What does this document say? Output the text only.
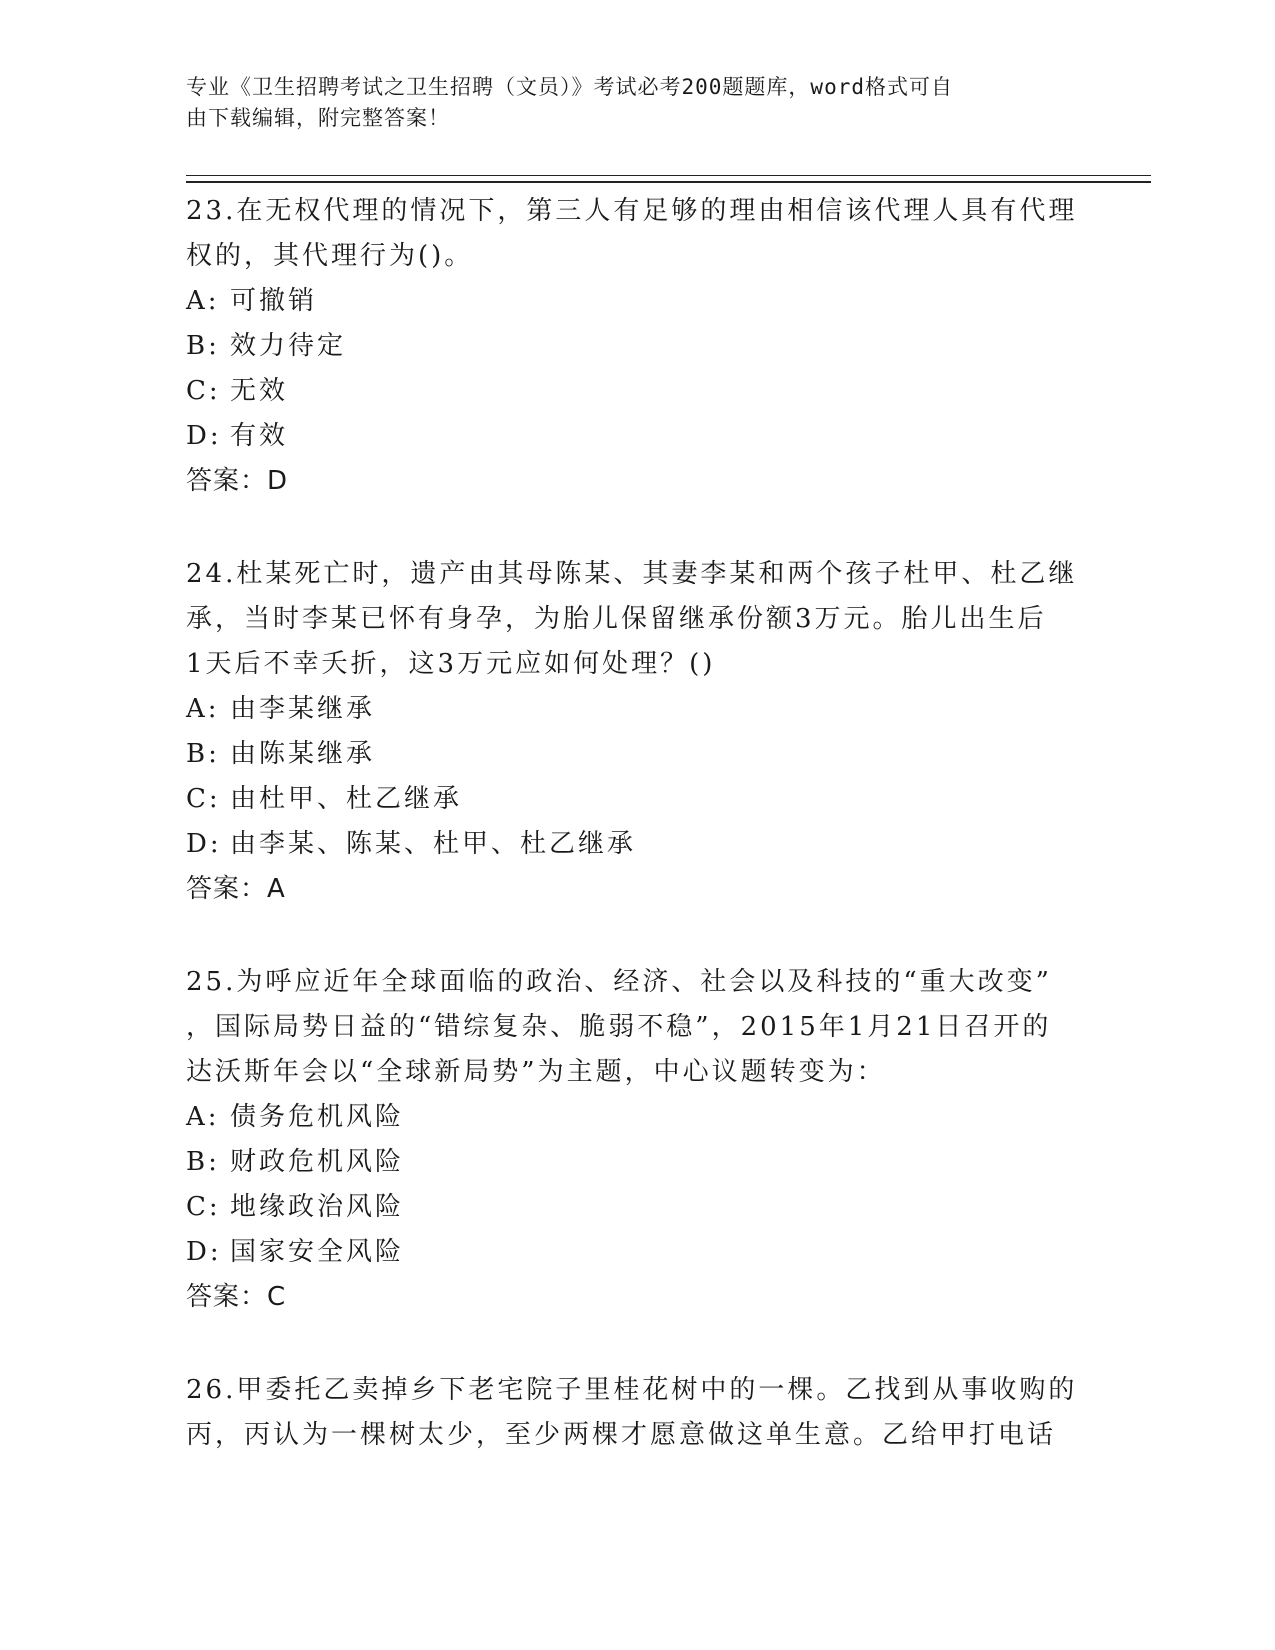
专业《卫生招聘考试之卫生招聘（文员）》考试必考200题题库，word格式可自
由下载编辑，附完整答案！
23.在无权代理的情况下，第三人有足够的理由相信该代理人具有代理
权的，其代理行为()。
A: 可撤销
B: 效力待定
C: 无效
D: 有效
答案：D
24.杜某死亡时，遗产由其母陈某、其妻李某和两个孩子杜甲、杜乙继
承，当时李某已怀有身孕，为胎儿保留继承份额3万元。胎儿出生后
1天后不幸夭折，这3万元应如何处理？()
A: 由李某继承
B: 由陈某继承
C: 由杜甲、杜乙继承
D: 由李某、陈某、杜甲、杜乙继承
答案：A
25.为呼应近年全球面临的政治、经济、社会以及科技的“重大改变”
，国际局势日益的“错综复杂、脆弱不稳”，2015年1月21日召开的
达沃斯年会以“全球新局势”为主题，中心议题转变为：
A: 债务危机风险
B: 财政危机风险
C: 地缘政治风险
D: 国家安全风险
答案：C
26.甲委托乙卖掉乡下老宅院子里桂花树中的一棵。乙找到从事收购的
丙，丙认为一棵树太少，至少两棵才愿意做这单生意。乙给甲打电话
